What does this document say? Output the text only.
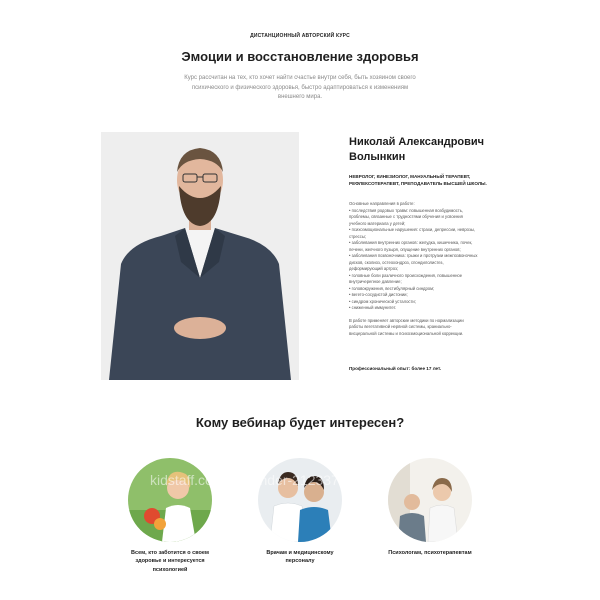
ДИСТАНЦИОННЫЙ АВТОРСКИЙ КУРС
Эмоции и восстановление здоровья
Курс рассчитан на тех, кто хочет найти счастье внутри себя, быть хозяином своего психического и физического здоровья, быстро адаптироваться к изменениям внешнего мира.
Николай Александрович
Волынкин
НЕВРОЛОГ, КИНЕЗИОЛОГ, МАНУАЛЬНЫЙ ТЕРАПЕВТ, РЕФЛЕКСОТЕРАПЕВТ, ПРЕПОДАВАТЕЛЬ ВЫСШЕЙ ШКОЛЫ.

Основные направления в работе:

• последствия родовых травм: повышенная возбудимость,

проблемы, связанные с трудностями обучения и усвоения

учебного материала у детей;

• психоэмоциональные нарушения: страхи, депрессии, неврозы,

стрессы;

• заболевания внутренних органов: желудка, кишечника, почек,

печени, желчного пузыря, опущение внутренних органов;

• заболевания позвоночника: грыжи и протрузии межпозвоночных

дисков, сколиоз, остеохондроз, спондилолистез,

деформирующий артроз;

• головные боли различного происхождения, повышенное

внутричерепное давление;

• головокружения, вестибулярный синдром;

• вегето-сосудистой дистонии;

• синдром хронической усталости;

• сниженный иммунитет.

В работе применяет авторские методики по нормализации

работы вегетативной нервной системы, краниально-

висцеральной системы и психоэмоциональной коррекции.

Профессиональный опыт: более 17 лет.
Кому вебинар будет интересен?
Всем, кто заботится о своем
здоровье и интересуется
психологией
Врачам и медицинскому
персоналу
Психологам, психотерапевтам
kidstaff.com.ua/tender-212337.html
